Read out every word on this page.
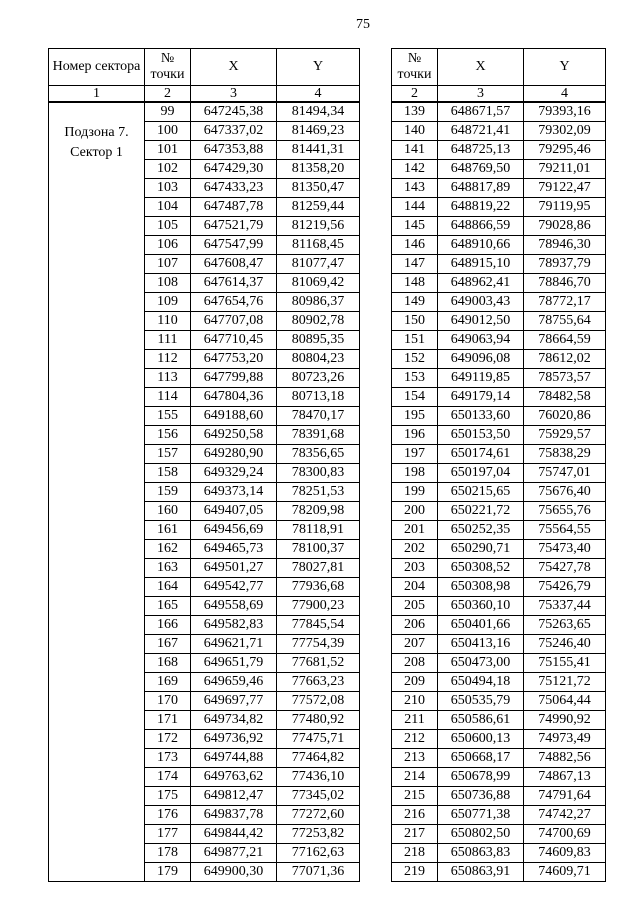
75
Номер сектора	№ точки	X	Y
1	2	3	4
Подзона 7. Сектор 1	99	647245,38	81494,34
	100	647337,02	81469,23
	101	647353,88	81441,31
	102	647429,30	81358,20
	103	647433,23	81350,47
	104	647487,78	81259,44
	105	647521,79	81219,56
	106	647547,99	81168,45
	107	647608,47	81077,47
	108	647614,37	81069,42
	109	647654,76	80986,37
	110	647707,08	80902,78
	111	647710,45	80895,35
	112	647753,20	80804,23
	113	647799,88	80723,26
	114	647804,36	80713,18
	155	649188,60	78470,17
	156	649250,58	78391,68
	157	649280,90	78356,65
	158	649329,24	78300,83
	159	649373,14	78251,53
	160	649407,05	78209,98
	161	649456,69	78118,91
	162	649465,73	78100,37
	163	649501,27	78027,81
	164	649542,77	77936,68
	165	649558,69	77900,23
	166	649582,83	77845,54
	167	649621,71	77754,39
	168	649651,79	77681,52
	169	649659,46	77663,23
	170	649697,77	77572,08
	171	649734,82	77480,92
	172	649736,92	77475,71
	173	649744,88	77464,82
	174	649763,62	77436,10
	175	649812,47	77345,02
	176	649837,78	77272,60
	177	649844,42	77253,82
	178	649877,21	77162,63
	179	649900,30	77071,36
№ точки	X	Y
2	3	4
139	648671,57	79393,16
140	648721,41	79302,09
141	648725,13	79295,46
142	648769,50	79211,01
143	648817,89	79122,47
144	648819,22	79119,95
145	648866,59	79028,86
146	648910,66	78946,30
147	648915,10	78937,79
148	648962,41	78846,70
149	649003,43	78772,17
150	649012,50	78755,64
151	649063,94	78664,59
152	649096,08	78612,02
153	649119,85	78573,57
154	649179,14	78482,58
195	650133,60	76020,86
196	650153,50	75929,57
197	650174,61	75838,29
198	650197,04	75747,01
199	650215,65	75676,40
200	650221,72	75655,76
201	650252,35	75564,55
202	650290,71	75473,40
203	650308,52	75427,78
204	650308,98	75426,79
205	650360,10	75337,44
206	650401,66	75263,65
207	650413,16	75246,40
208	650473,00	75155,41
209	650494,18	75121,72
210	650535,79	75064,44
211	650586,61	74990,92
212	650600,13	74973,49
213	650668,17	74882,56
214	650678,99	74867,13
215	650736,88	74791,64
216	650771,38	74742,27
217	650802,50	74700,69
218	650863,83	74609,83
219	650863,91	74609,71
